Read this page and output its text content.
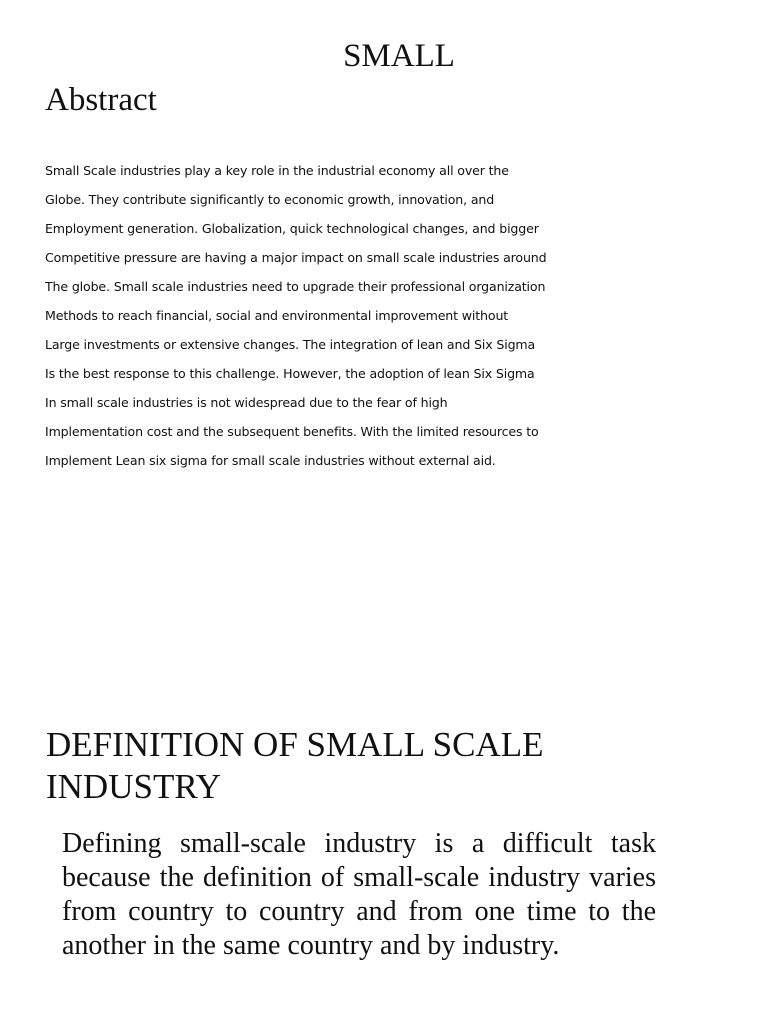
SMALL
Abstract
Small Scale industries play a key role in the industrial economy all over the
Globe. They contribute significantly to economic growth, innovation, and
Employment generation. Globalization, quick technological changes, and bigger
Competitive pressure are having a major impact on small scale industries around
The globe. Small scale industries need to upgrade their professional organization
Methods to reach financial, social and environmental improvement without
Large investments or extensive changes. The integration of lean and Six Sigma
Is the best response to this challenge. However, the adoption of lean Six Sigma
In small scale industries is not widespread due to the fear of high
Implementation cost and the subsequent benefits. With the limited resources to
Implement Lean six sigma for small scale industries without external aid.
DEFINITION OF SMALL SCALE
INDUSTRY
Defining small-scale industry is a difficult task
because the definition of small-scale industry varies
from country to country and from one time to the
another in the same country and by industry.
